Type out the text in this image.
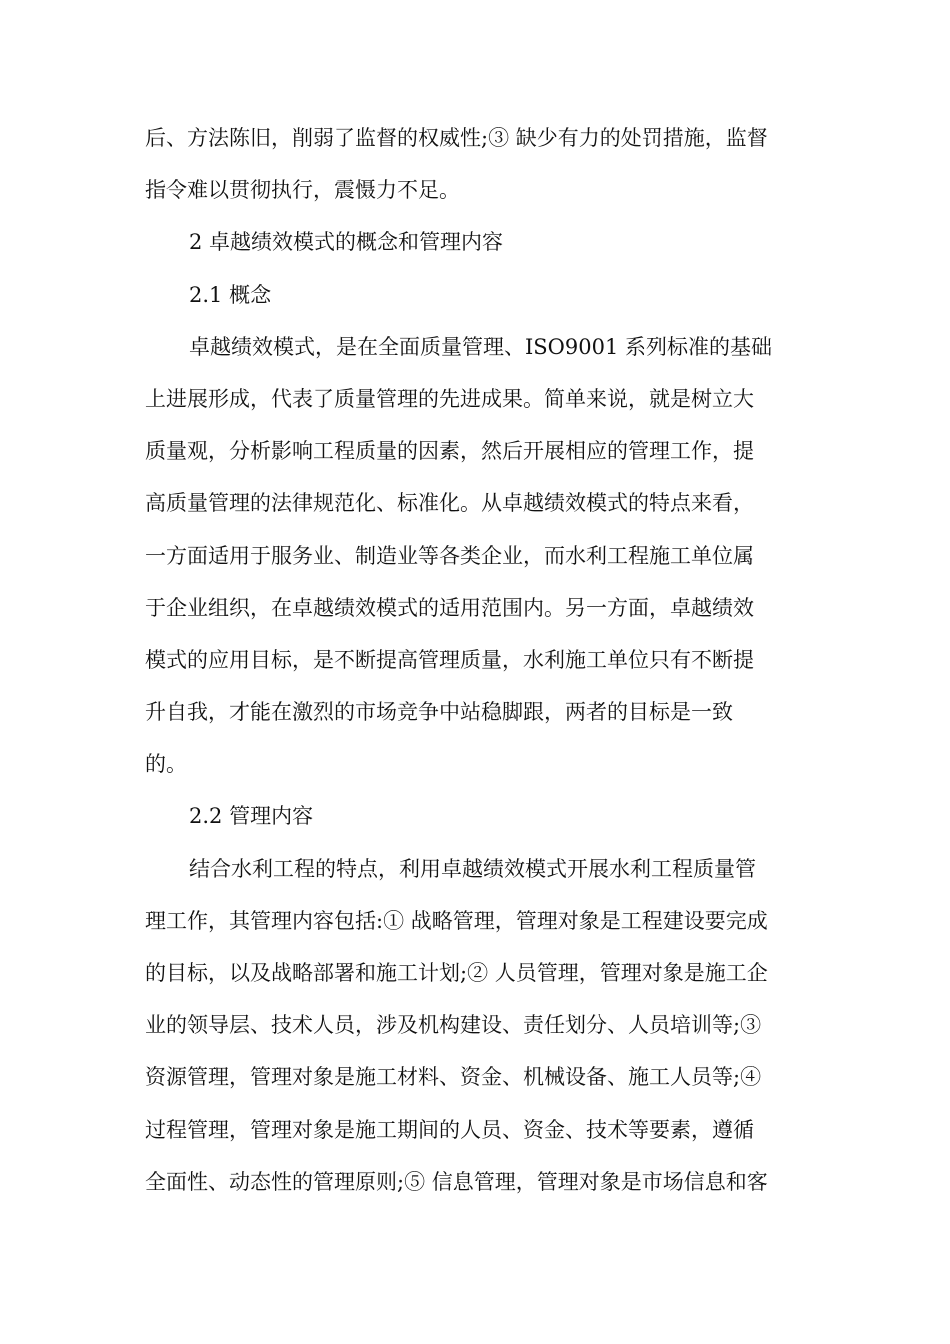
后、方法陈旧，削弱了监督的权威性;③ 缺少有力的处罚措施，监督
指令难以贯彻执行，震慑力不足。
2 卓越绩效模式的概念和管理内容
2.1 概念
卓越绩效模式，是在全面质量管理、ISO9001 系列标准的基础
上进展形成，代表了质量管理的先进成果。简单来说，就是树立大
质量观，分析影响工程质量的因素，然后开展相应的管理工作，提
高质量管理的法律规范化、标准化。从卓越绩效模式的特点来看，
一方面适用于服务业、制造业等各类企业，而水利工程施工单位属
于企业组织，在卓越绩效模式的适用范围内。另一方面，卓越绩效
模式的应用目标，是不断提高管理质量，水利施工单位只有不断提
升自我，才能在激烈的市场竞争中站稳脚跟，两者的目标是一致
的。
2.2 管理内容
结合水利工程的特点，利用卓越绩效模式开展水利工程质量管
理工作，其管理内容包括:① 战略管理，管理对象是工程建设要完成
的目标，以及战略部署和施工计划;② 人员管理，管理对象是施工企
业的领导层、技术人员，涉及机构建设、责任划分、人员培训等;③
资源管理，管理对象是施工材料、资金、机械设备、施工人员等;④
过程管理，管理对象是施工期间的人员、资金、技术等要素，遵循
全面性、动态性的管理原则;⑤ 信息管理，管理对象是市场信息和客
